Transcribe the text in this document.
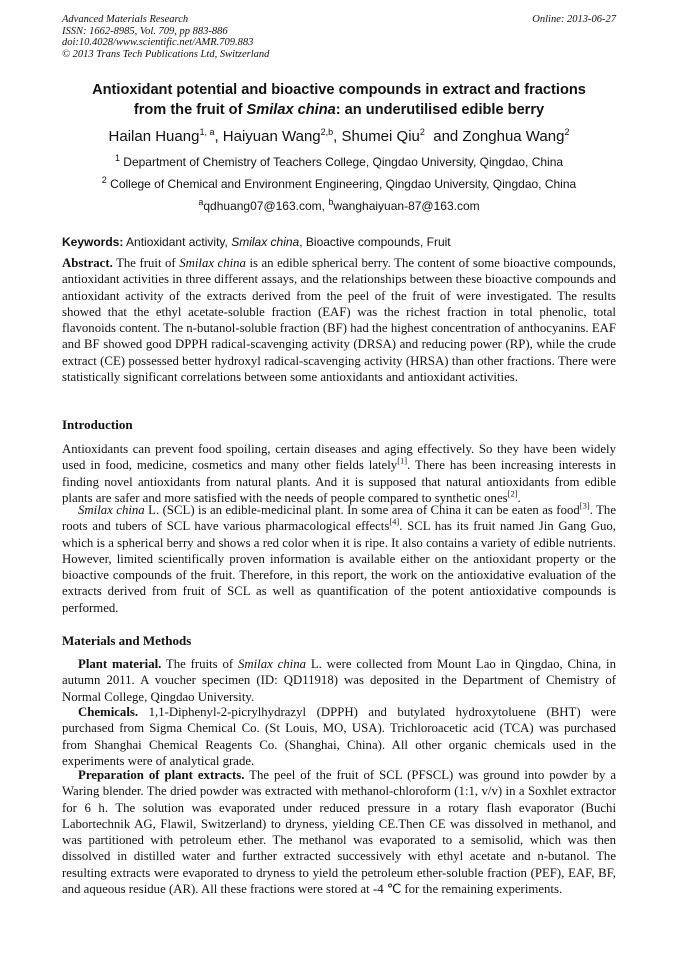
Advanced Materials Research
ISSN: 1662-8985, Vol. 709, pp 883-886
doi:10.4028/www.scientific.net/AMR.709.883
© 2013 Trans Tech Publications Ltd, Switzerland
Online: 2013-06-27
Antioxidant potential and bioactive compounds in extract and fractions
from the fruit of Smilax china: an underutilised edible berry
Hailan Huang$^{1, a}$, Haiyuan Wang$^{2,b}$, Shumei Qiu$^2$  and Zonghua Wang$^2$
$^1$ Department of Chemistry of Teachers College, Qingdao University, Qingdao, China
$^2$ College of Chemical and Environment Engineering, Qingdao University, Qingdao, China
$^a$qdhuang07@163.com, $^b$wanghaiyuan-87@163.com
Keywords: Antioxidant activity, Smilax china, Bioactive compounds, Fruit
Abstract. The fruit of Smilax china is an edible spherical berry. The content of some bioactive compounds, antioxidant activities in three different assays, and the relationships between these bioactive compounds and antioxidant activity of the extracts derived from the peel of the fruit of were investigated. The results showed that the ethyl acetate-soluble fraction (EAF) was the richest fraction in total phenolic, total flavonoids content. The n-butanol-soluble fraction (BF) had the highest concentration of anthocyanins. EAF and BF showed good DPPH radical-scavenging activity (DRSA) and reducing power (RP), while the crude extract (CE) possessed better hydroxyl radical-scavenging activity (HRSA) than other fractions. There were statistically significant correlations between some antioxidants and antioxidant activities.
Introduction
Antioxidants can prevent food spoiling, certain diseases and aging effectively. So they have been widely used in food, medicine, cosmetics and many other fields lately[1]. There has been increasing interests in finding novel antioxidants from natural plants. And it is supposed that natural antioxidants from edible plants are safer and more satisfied with the needs of people compared to synthetic ones[2].
Smilax china L. (SCL) is an edible-medicinal plant. In some area of China it can be eaten as food[3]. The roots and tubers of SCL have various pharmacological effects[4]. SCL has its fruit named Jin Gang Guo, which is a spherical berry and shows a red color when it is ripe. It also contains a variety of edible nutrients. However, limited scientifically proven information is available either on the antioxidant property or the bioactive compounds of the fruit. Therefore, in this report, the work on the antioxidative evaluation of the extracts derived from fruit of SCL as well as quantification of the potent antioxidative compounds is performed.
Materials and Methods
Plant material. The fruits of Smilax china L. were collected from Mount Lao in Qingdao, China, in autumn 2011. A voucher specimen (ID: QD11918) was deposited in the Department of Chemistry of Normal College, Qingdao University.
Chemicals. 1,1-Diphenyl-2-picrylhydrazyl (DPPH) and butylated hydroxytoluene (BHT) were purchased from Sigma Chemical Co. (St Louis, MO, USA). Trichloroacetic acid (TCA) was purchased from Shanghai Chemical Reagents Co. (Shanghai, China). All other organic chemicals used in the experiments were of analytical grade.
Preparation of plant extracts. The peel of the fruit of SCL (PFSCL) was ground into powder by a Waring blender. The dried powder was extracted with methanol-chloroform (1:1, v/v) in a Soxhlet extractor for 6 h. The solution was evaporated under reduced pressure in a rotary flash evaporator (Buchi Labortechnik AG, Flawil, Switzerland) to dryness, yielding CE.Then CE was dissolved in methanol, and was partitioned with petroleum ether. The methanol was evaporated to a semisolid, which was then dissolved in distilled water and further extracted successively with ethyl acetate and n-butanol. The resulting extracts were evaporated to dryness to yield the petroleum ether-soluble fraction (PEF), EAF, BF, and aqueous residue (AR). All these fractions were stored at -4 ℃ for the remaining experiments.
